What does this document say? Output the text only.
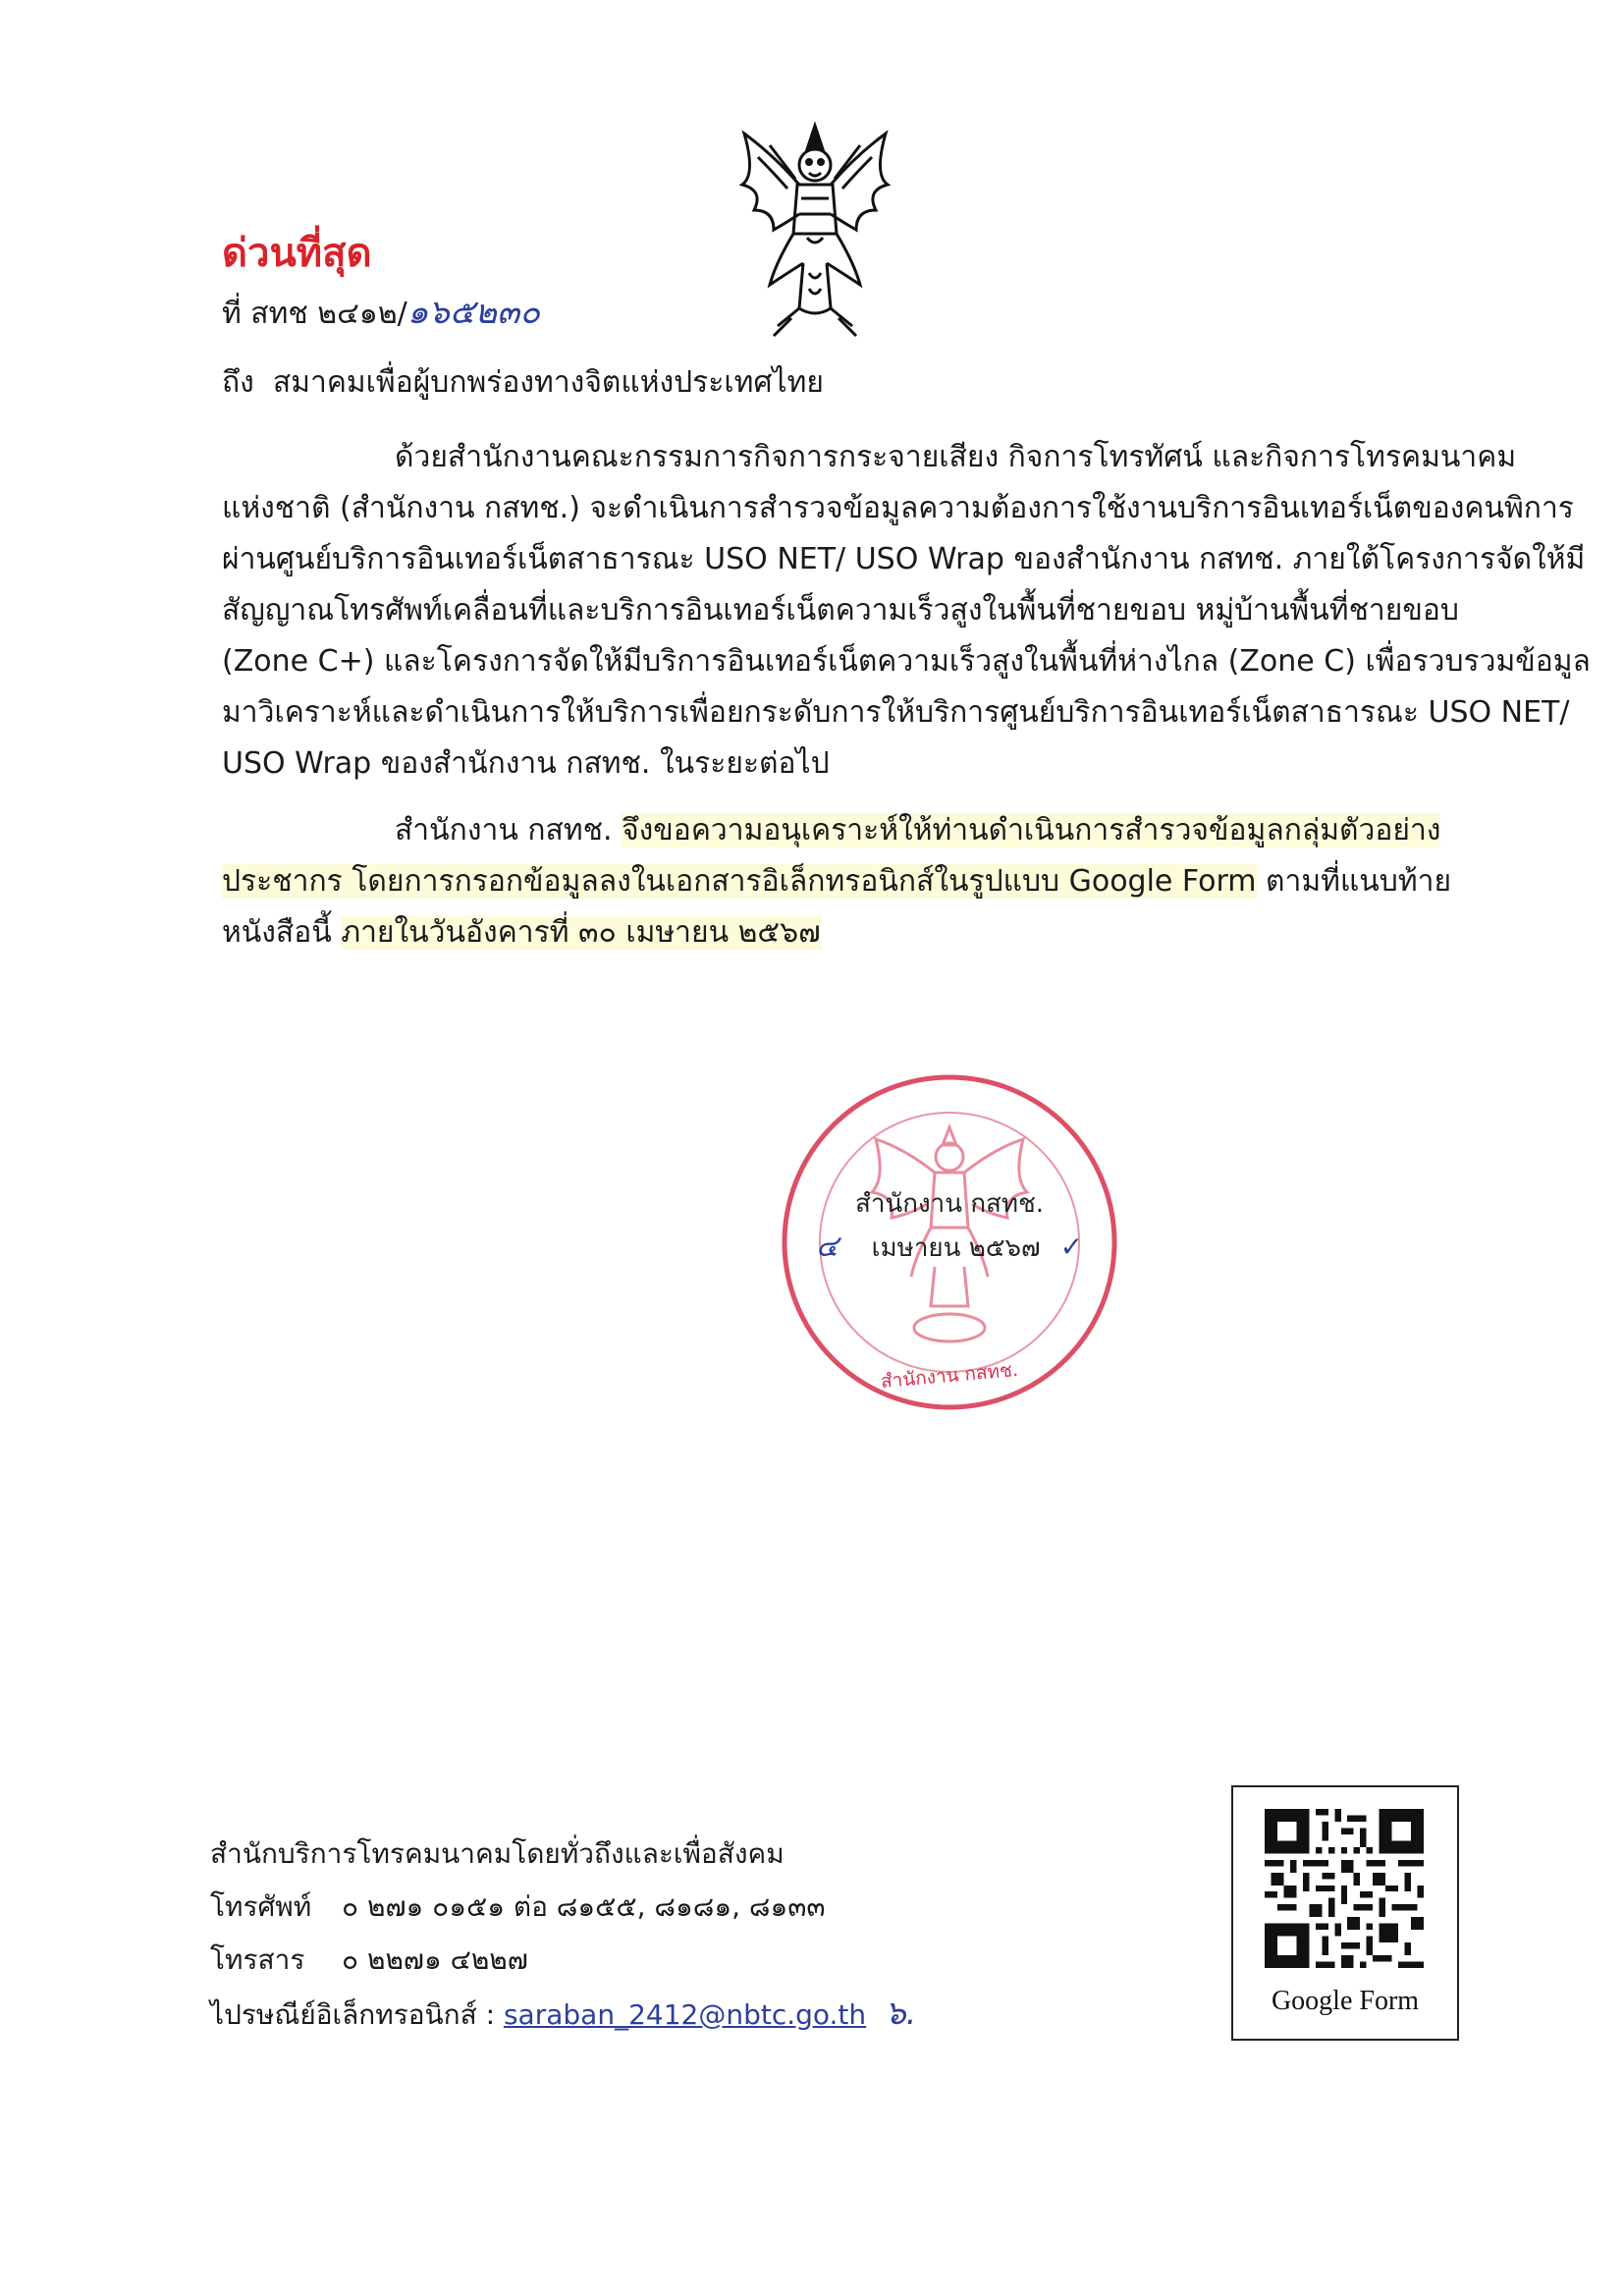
ด่วนที่สุด
ที่ สทช ๒๔๑๒/๑๖๕๒๓๐
ถึง สมาคมเพื่อผู้บกพร่องทางจิตแห่งประเทศไทย
ด้วยสำนักงานคณะกรรมการกิจการกระจายเสียง กิจการโทรทัศน์ และกิจการโทรคมนาคม
แห่งชาติ (สำนักงาน กสทช.) จะดำเนินการสำรวจข้อมูลความต้องการใช้งานบริการอินเทอร์เน็ตของคนพิการ
ผ่านศูนย์บริการอินเทอร์เน็ตสาธารณะ USO NET/ USO Wrap ของสำนักงาน กสทช. ภายใต้โครงการจัดให้มี
สัญญาณโทรศัพท์เคลื่อนที่และบริการอินเทอร์เน็ตความเร็วสูงในพื้นที่ชายขอบ หมู่บ้านพื้นที่ชายขอบ
(Zone C+) และโครงการจัดให้มีบริการอินเทอร์เน็ตความเร็วสูงในพื้นที่ห่างไกล (Zone C) เพื่อรวบรวมข้อมูล
มาวิเคราะห์และดำเนินการให้บริการเพื่อยกระดับการให้บริการศูนย์บริการอินเทอร์เน็ตสาธารณะ USO NET/
USO Wrap ของสำนักงาน กสทช. ในระยะต่อไป
สำนักงาน กสทช. จึงขอความอนุเคราะห์ให้ท่านดำเนินการสำรวจข้อมูลกลุ่มตัวอย่าง
ประชากร โดยการกรอกข้อมูลลงในเอกสารอิเล็กทรอนิกส์ในรูปแบบ Google Form ตามที่แนบท้าย
หนังสือนี้ ภายในวันอังคารที่ ๓๐ เมษายน ๒๕๖๗
สำนักงาน กสทช.
๔ เมษายน ๒๕๖๗ ✓
สำนักงาน กสทช.
สำนักบริการโทรคมนาคมโดยทั่วถึงและเพื่อสังคม
โทรศัพท์ ๐ ๒๗๑ ๐๑๕๑ ต่อ ๘๑๕๕, ๘๑๘๑, ๘๑๓๓
โทรสาร ๐ ๒๒๗๑ ๔๒๒๗
ไปรษณีย์อิเล็กทรอนิกส์ : saraban_2412@nbtc.go.th ๖.	Google Form
